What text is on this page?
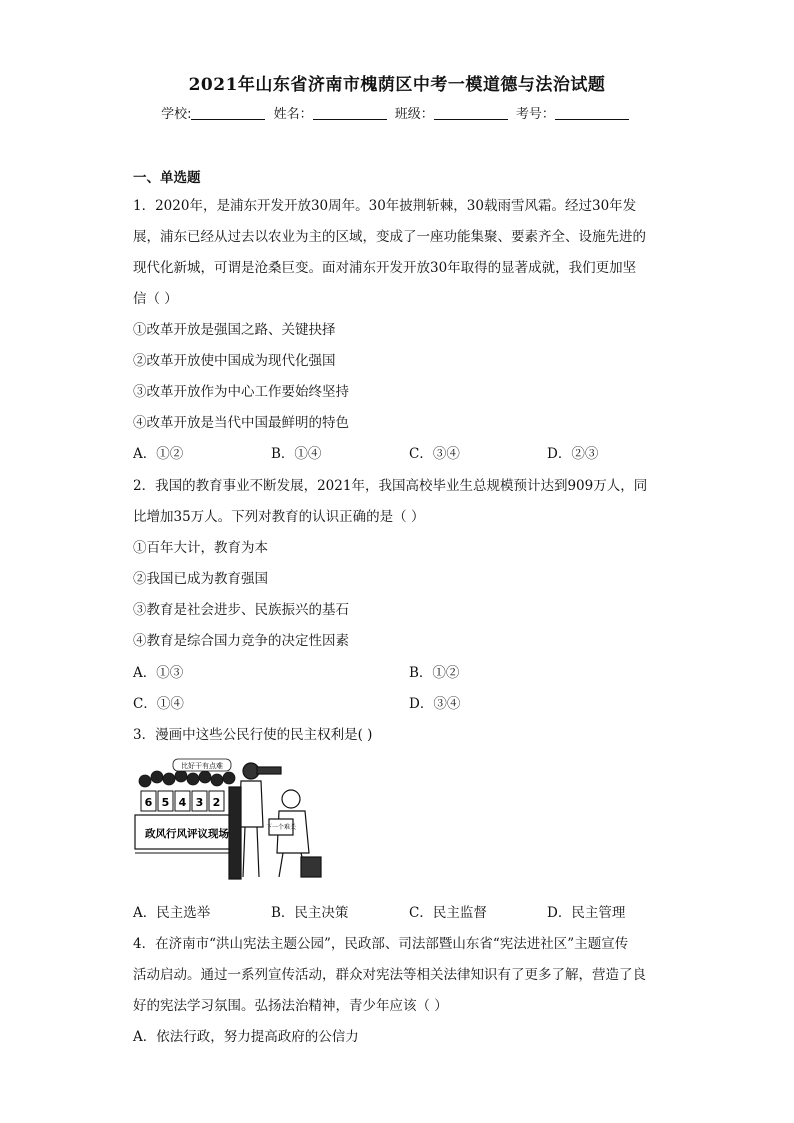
2021年山东省济南市槐荫区中考一模道德与法治试题
学校:	姓名：	班级：	考号：
一、单选题
1．2020年，是浦东开发开放30周年。30年披荆斩棘，30载雨雪风霜。经过30年发
展，浦东已经从过去以农业为主的区域，变成了一座功能集聚、要素齐全、设施先进的
现代化新城，可谓是沧桑巨变。面对浦东开发开放30年取得的显著成就，我们更加坚
信（ ）
①改革开放是强国之路、关键抉择
②改革开放使中国成为现代化强国
③改革开放作为中心工作要始终坚持
④改革开放是当代中国最鲜明的特色
A．①②	B．①④	C．③④	D．②③
2．我国的教育事业不断发展，2021年，我国高校毕业生总规模预计达到909万人，同
比增加35万人。下列对教育的认识正确的是（ ）
①百年大计，教育为本
②我国已成为教育强国
③教育是社会进步、民族振兴的基石
④教育是综合国力竞争的决定性因素
A．①③	B．①②
C．①④	D．③④
3．漫画中这些公民行使的民主权利是( )
比好干有点难
6 5 4 3 2
政风行风评议现场
下一个难关
A．民主选举	B．民主决策	C．民主监督	D．民主管理
4．在济南市“洪山宪法主题公园”，民政部、司法部暨山东省“宪法进社区”主题宣传
活动启动。通过一系列宣传活动，群众对宪法等相关法律知识有了更多了解，营造了良
好的宪法学习氛围。弘扬法治精神，青少年应该（ ）
A．依法行政，努力提高政府的公信力
